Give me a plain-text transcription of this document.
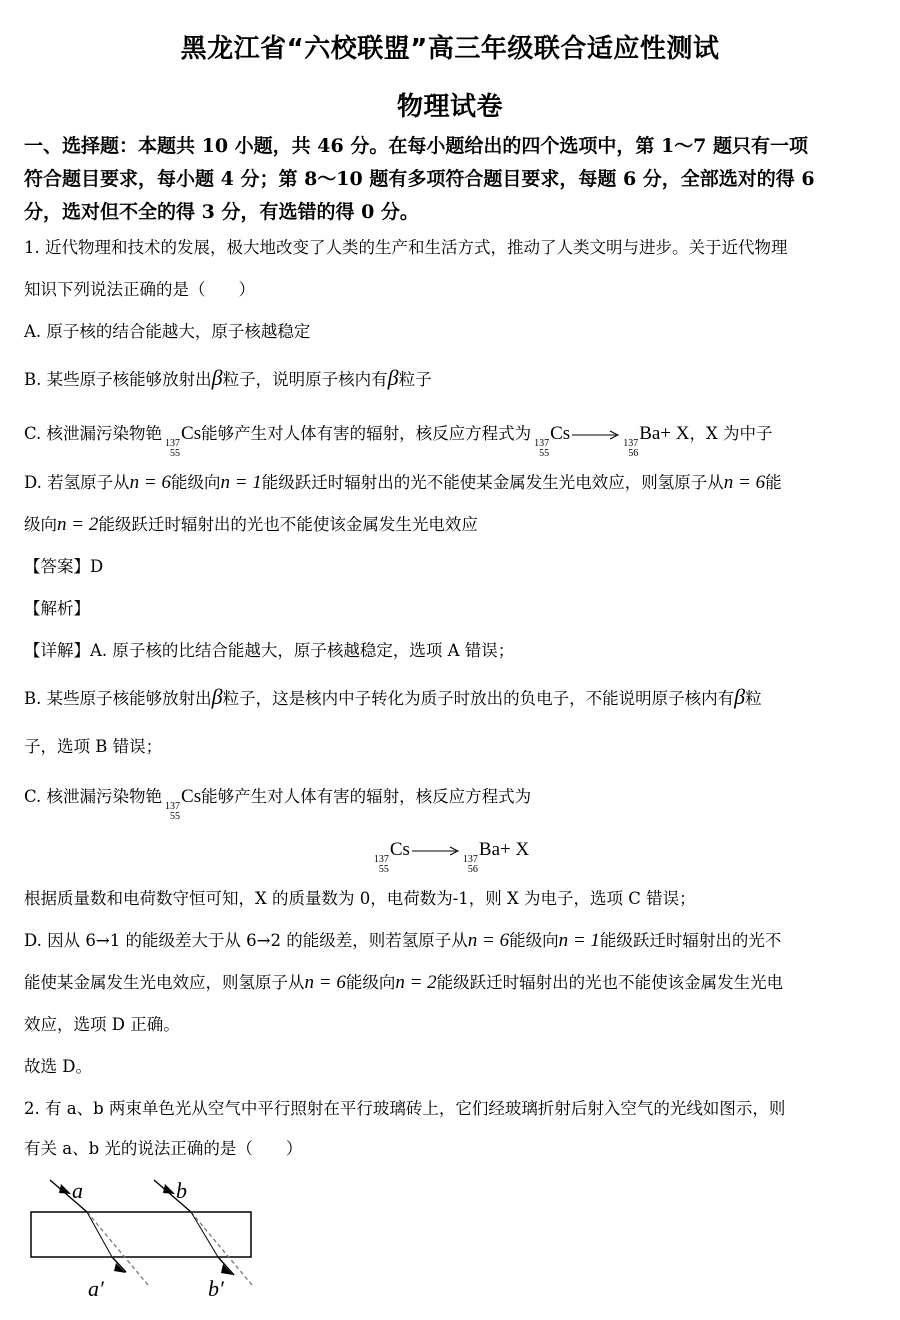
黑龙江省“六校联盟”高三年级联合适应性测试
物理试卷
一、选择题：本题共 10 小题，共 46 分。在每小题给出的四个选项中，第 1～7 题只有一项
符合题目要求，每小题 4 分；第 8～10 题有多项符合题目要求，每题 6 分，全部选对的得 6
分，选对但不全的得 3 分，有选错的得 0 分。
1. 近代物理和技术的发展，极大地改变了人类的生产和生活方式，推动了人类文明与进步。关于近代物理
知识下列说法正确的是（　　）
A. 原子核的结合能越大，原子核越稳定
B. 某些原子核能够放射出β粒子，说明原子核内有β粒子
C. 核泄漏污染物铯
137
55
Cs能够产生对人体有害的辐射，核反应方程式为
137
55
Cs→
137
56
Ba+ X，X 为中子
D. 若氢原子从n = 6能级向n = 1能级跃迁时辐射出的光不能使某金属发生光电效应，则氢原子从n = 6能
级向n = 2能级跃迁时辐射出的光也不能使该金属发生光电效应
【答案】D
【解析】
【详解】A. 原子核的比结合能越大，原子核越稳定，选项 A 错误；
B. 某些原子核能够放射出β粒子，这是核内中子转化为质子时放出的负电子，不能说明原子核内有β粒
子，选项 B 错误；
C. 核泄漏污染物铯
137
55
Cs能够产生对人体有害的辐射，核反应方程式为
137
55
Cs→
137
56
Ba+ X
根据质量数和电荷数守恒可知，X 的质量数为 0，电荷数为-1，则 X 为电子，选项 C 错误；
D. 因从 6→1 的能级差大于从 6→2 的能级差，则若氢原子从n = 6能级向n = 1能级跃迁时辐射出的光不
能使某金属发生光电效应，则氢原子从n = 6能级向n = 2能级跃迁时辐射出的光也不能使该金属发生光电
效应，选项 D 正确。
故选 D。
2. 有 a、b 两束单色光从空气中平行照射在平行玻璃砖上，它们经玻璃折射后射入空气的光线如图示，则
有关 a、b 光的说法正确的是（　　）
a	b
a′	b′
